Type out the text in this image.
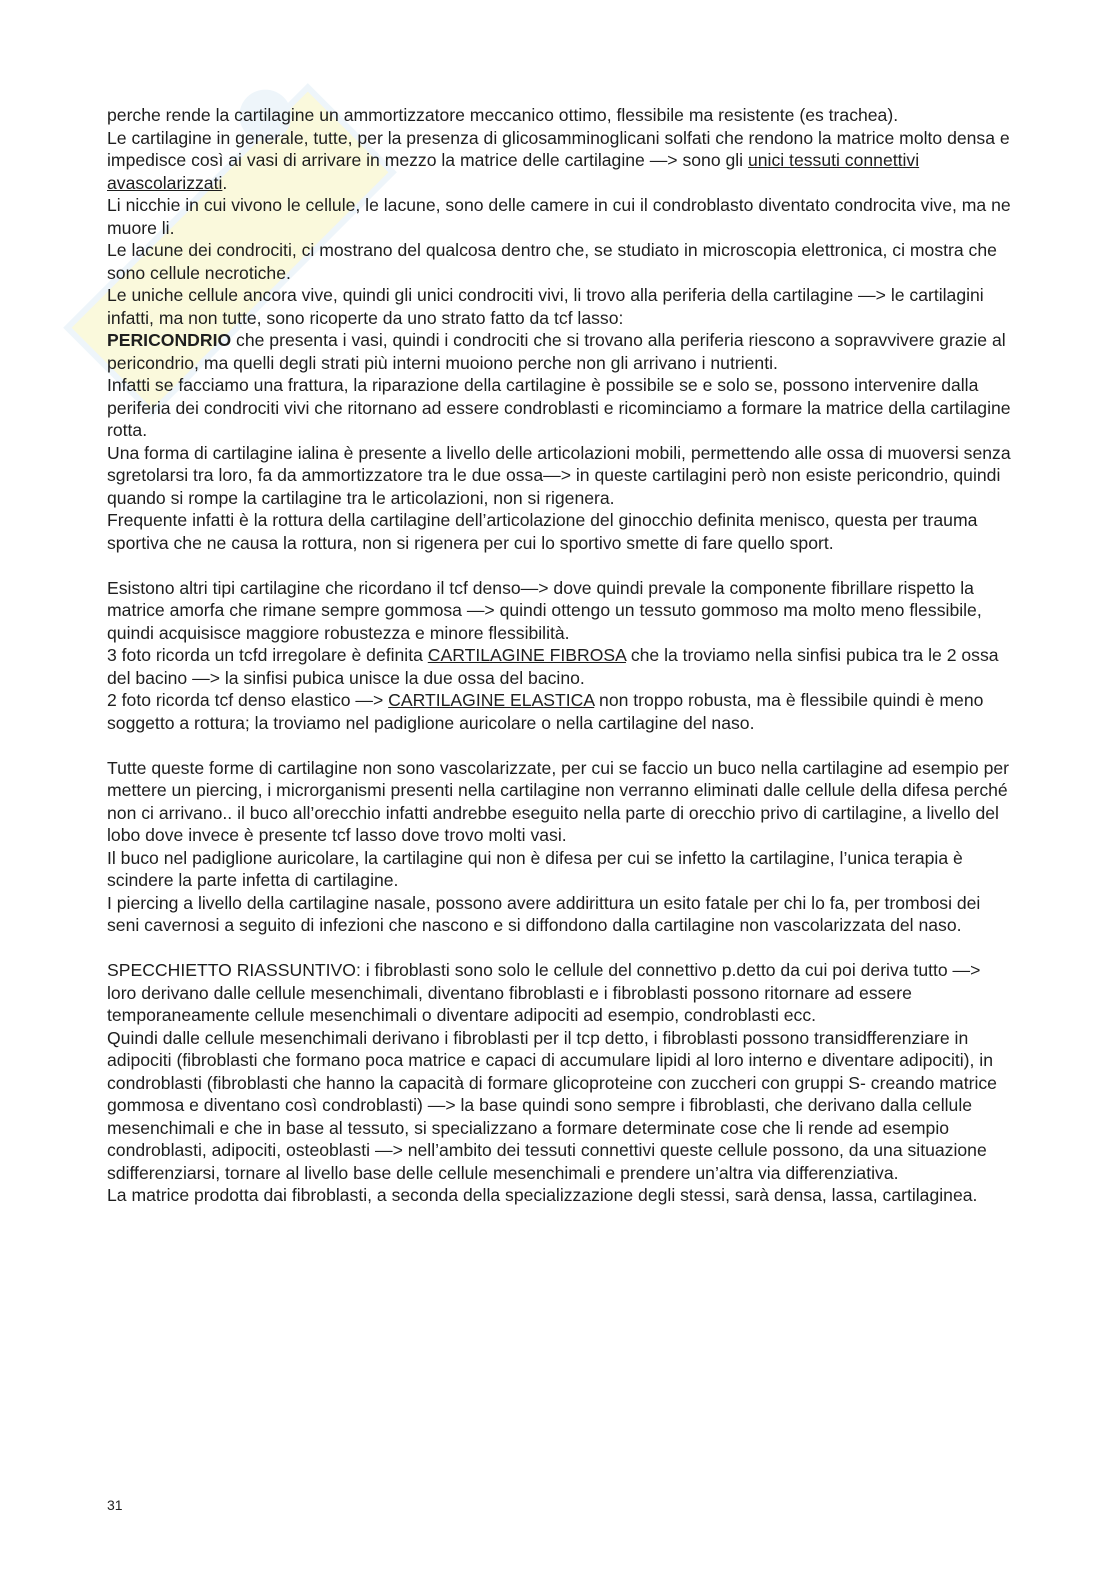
perche rende la cartilagine un ammortizzatore meccanico ottimo, flessibile ma resistente (es trachea).

Le cartilagine in generale, tutte, per la presenza di glicosamminoglicani solfati che rendono la matrice molto densa e impedisce così ai vasi di arrivare in mezzo la matrice delle cartilagine —> sono gli unici tessuti connettivi avascolarizzati.

Li nicchie in cui vivono le cellule, le lacune, sono delle camere in cui il condroblasto diventato condrocita vive, ma ne muore li.

Le lacune dei condrociti, ci mostrano del qualcosa dentro che, se studiato in microscopia elettronica, ci mostra che sono cellule necrotiche.

Le uniche cellule ancora vive, quindi gli unici condrociti vivi, li trovo alla periferia della cartilagine —> le cartilagini infatti, ma non tutte, sono ricoperte da uno strato fatto da tcf lasso:

PERICONDRIO che presenta i vasi, quindi i condrociti che si trovano alla periferia riescono a sopravvivere grazie al pericondrio, ma quelli degli strati più interni muoiono perche non gli arrivano i nutrienti.

Infatti se facciamo una frattura, la riparazione della cartilagine è possibile se e solo se, possono intervenire dalla periferia dei condrociti vivi che ritornano ad essere condroblasti e ricominciamo a formare la matrice della cartilagine rotta.

Una forma di cartilagine ialina è presente a livello delle articolazioni mobili, permettendo alle ossa di muoversi senza sgretolarsi tra loro, fa da ammortizzatore tra le due ossa—> in queste cartilagini però non esiste pericondrio, quindi quando si rompe la cartilagine tra le articolazioni, non si rigenera.

Frequente infatti è la rottura della cartilagine dell’articolazione del ginocchio definita menisco, questa per trauma sportiva che ne causa la rottura, non si rigenera per cui lo sportivo smette di fare quello sport.

Esistono altri tipi cartilagine che ricordano il tcf denso—> dove quindi prevale la componente fibrillare rispetto la matrice amorfa che rimane sempre gommosa —> quindi ottengo un tessuto gommoso ma molto meno flessibile, quindi acquisisce maggiore robustezza e minore flessibilità.

3 foto ricorda un tcfd irregolare è definita CARTILAGINE FIBROSA che la troviamo nella sinfisi pubica tra le 2 ossa del bacino —> la sinfisi pubica unisce la due ossa del bacino.

2 foto ricorda tcf denso elastico —> CARTILAGINE ELASTICA non troppo robusta, ma è flessibile quindi è meno soggetto a rottura; la troviamo nel padiglione auricolare o nella cartilagine del naso.

Tutte queste forme di cartilagine non sono vascolarizzate, per cui se faccio un buco nella cartilagine ad esempio per mettere un piercing, i microrganismi presenti nella cartilagine non verranno eliminati dalle cellule della difesa perché non ci arrivano.. il buco all’orecchio infatti andrebbe eseguito nella parte di orecchio privo di cartilagine, a livello del lobo dove invece è presente tcf lasso dove trovo molti vasi.

Il buco nel padiglione auricolare, la cartilagine qui non è difesa per cui se infetto la cartilagine, l’unica terapia è scindere la parte infetta di cartilagine.

I piercing a livello della cartilagine nasale, possono avere addirittura un esito fatale per chi lo fa, per trombosi dei seni cavernosi a seguito di infezioni che nascono e si diffondono dalla cartilagine non vascolarizzata del naso.

SPECCHIETTO RIASSUNTIVO: i fibroblasti sono solo le cellule del connettivo p.detto da cui poi deriva tutto —> loro derivano dalle cellule mesenchimali, diventano fibroblasti e i fibroblasti possono ritornare ad essere temporaneamente cellule mesenchimali o diventare adipociti ad esempio, condroblasti ecc.

Quindi dalle cellule mesenchimali derivano i fibroblasti per il tcp detto, i fibroblasti possono transidfferenziare in adipociti (fibroblasti che formano poca matrice e capaci di accumulare lipidi al loro interno e diventare adipociti), in condroblasti (fibroblasti che hanno la capacità di formare glicoproteine con zuccheri con gruppi S- creando matrice gommosa e diventano così condroblasti) —> la base quindi sono sempre i fibroblasti, che derivano dalla cellule mesenchimali e che in base al tessuto, si specializzano a formare determinate cose che li rende ad esempio condroblasti, adipociti, osteoblasti —> nell’ambito dei tessuti connettivi queste cellule possono, da una situazione sdifferenziarsi, tornare al livello base delle cellule mesenchimali e prendere un’altra via differenziativa.

La matrice prodotta dai fibroblasti, a seconda della specializzazione degli stessi, sarà densa, lassa, cartilaginea.

31
